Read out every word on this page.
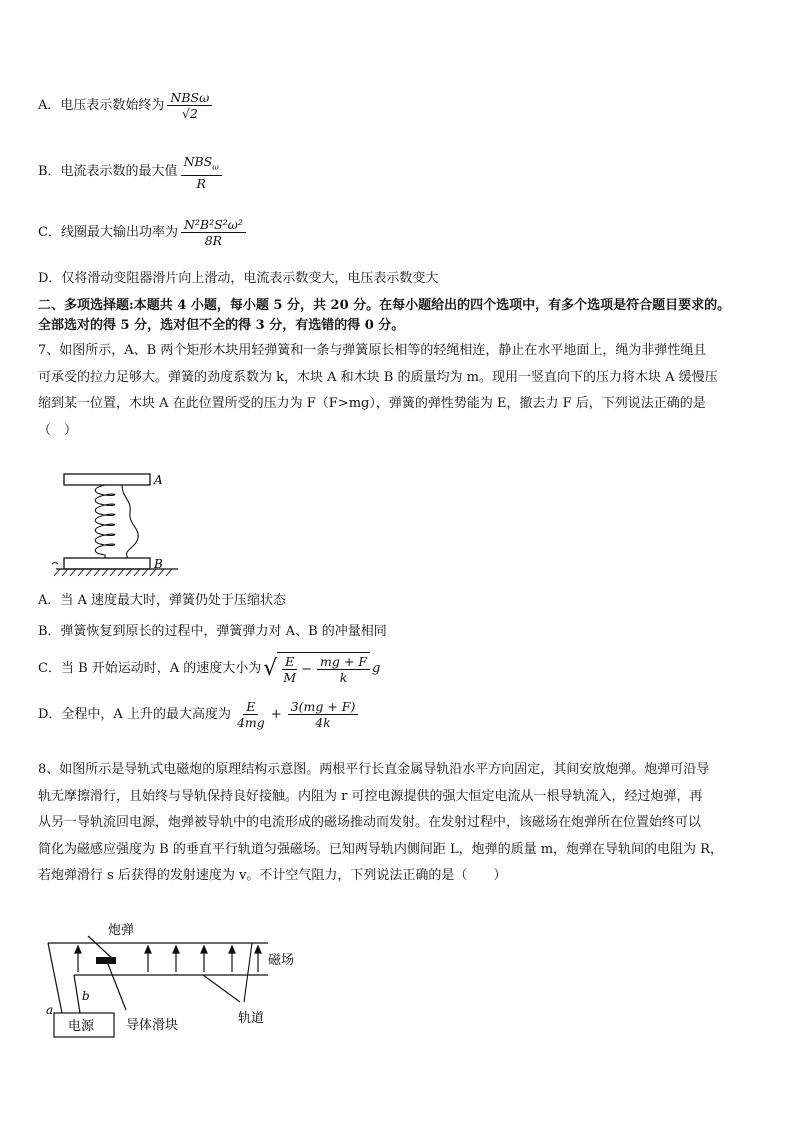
A．电压表示数始终为 $\frac{\text{NBSω}}{√2}$
B．电流表示数的最大值 $\frac{NBS_\omega}{R}$
C．线圈最大输出功率为 $\frac{\text{N²B²S²ω²}}{8R}$
D．仅将滑动变阻器滑片向上滑动，电流表示数变大，电压表示数变大
二、多项选择题:本题共 4 小题，每小题 5 分，共 20 分。在每小题给出的四个选项中，有多个选项是符合题目要求的。
全部选对的得 5 分，选对但不全的得 3 分，有选错的得 0 分。
7、如图所示，A、B 两个矩形木块用轻弹簧和一条与弹簧原长相等的轻绳相连，静止在水平地面上，绳为非弹性绳且
可承受的拉力足够大。弹簧的劲度系数为 k，木块 A 和木块 B 的质量均为 m。现用一竖直向下的压力将木块 A 缓慢压
缩到某一位置，木块 A 在此位置所受的压力为 F（F>mg），弹簧的弹性势能为 E，撤去力 F 后，下列说法正确的是
（　）
A
B
A．当 A 速度最大时，弹簧仍处于压缩状态
B．弹簧恢复到原长的过程中，弹簧弹力对 A、B 的冲量相同
C．当 B 开始运动时，A 的速度大小为 √ $\frac{E}{M} - \frac{mg + F}{k}$ g
D．全程中，A 上升的最大高度为 $\frac{E}{4mg} + \frac{3(mg + F)}{4k}$
8、如图所示是导轨式电磁炮的原理结构示意图。两根平行长直金属导轨沿水平方向固定，其间安放炮弹。炮弹可沿导
轨无摩擦滑行，且始终与导轨保持良好接触。内阻为 r 可控电源提供的强大恒定电流从一根导轨流入，经过炮弹，再
从另一导轨流回电源，炮弹被导轨中的电流形成的磁场推动而发射。在发射过程中，该磁场在炮弹所在位置始终可以
简化为磁感应强度为 B 的垂直平行轨道匀强磁场。已知两导轨内侧间距 L，炮弹的质量 m，炮弹在导轨间的电阻为 R，
若炮弹滑行 s 后获得的发射速度为 v。不计空气阻力，下列说法正确的是（　　）
电源
a
b
炮弹
导体滑块
磁场
轨道
